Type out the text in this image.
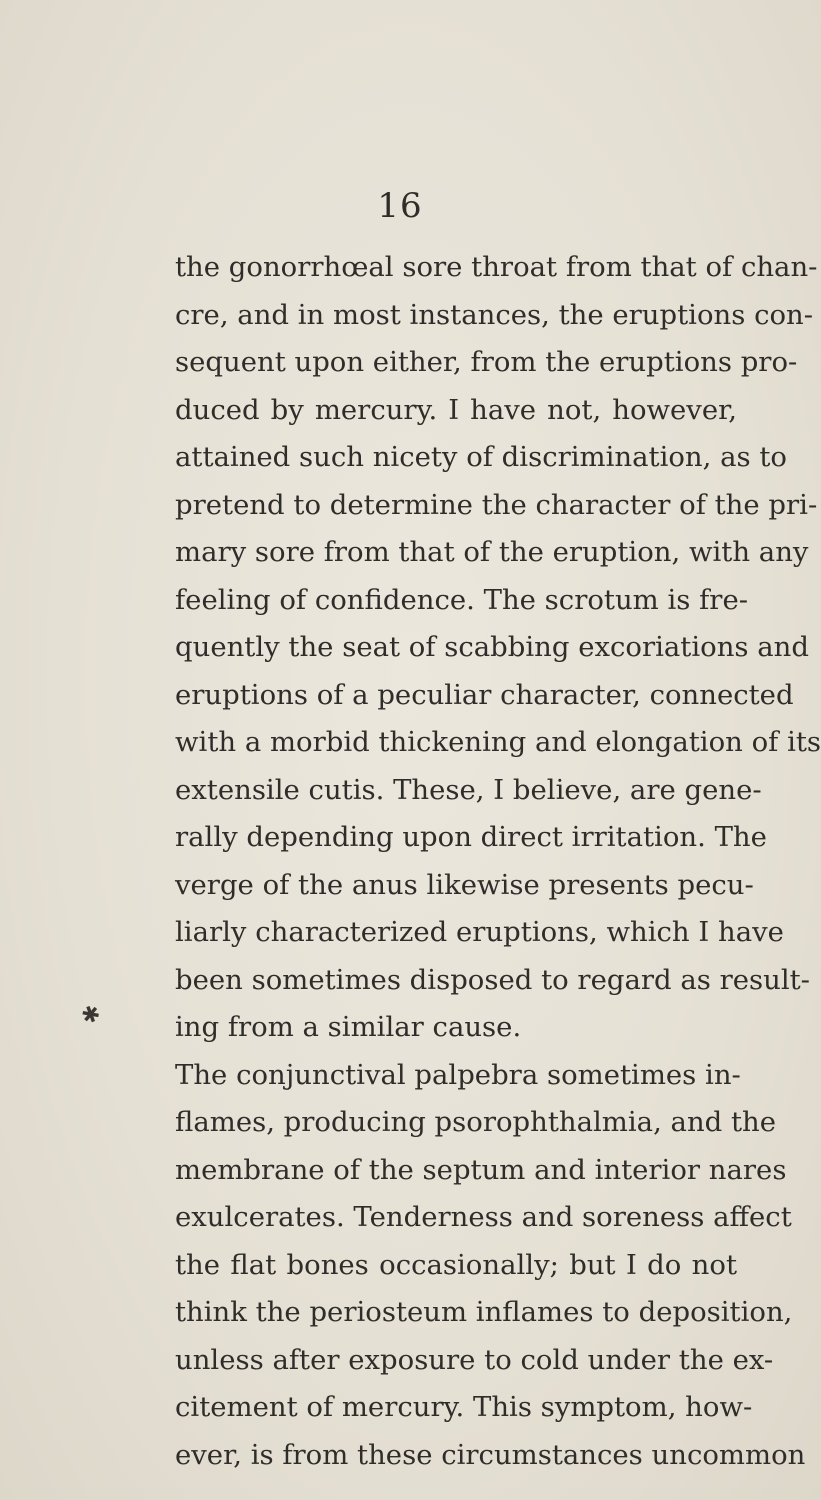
16
the gonorrhœal sore throat from that of chan-
cre, and in most instances, the eruptions con-
sequent upon either, from the eruptions pro-
duced by mercury. I have not, however,
attained such nicety of discrimination, as to
pretend to determine the character of the pri-
mary sore from that of the eruption, with any
feeling of confidence. The scrotum is fre-
quently the seat of scabbing excoriations and
eruptions of a peculiar character, connected
with a morbid thickening and elongation of its
extensile cutis. These, I believe, are gene-
rally depending upon direct irritation. The
verge of the anus likewise presents pecu-
liarly characterized eruptions, which I have
been sometimes disposed to regard as result-
ing from a similar cause.
The conjunctival palpebra sometimes in-
flames, producing psorophthalmia, and the
membrane of the septum and interior nares
exulcerates. Tenderness and soreness affect
the flat bones occasionally; but I do not
think the periosteum inflames to deposition,
unless after exposure to cold under the ex-
citement of mercury. This symptom, how-
ever, is from these circumstances uncommon
✱
